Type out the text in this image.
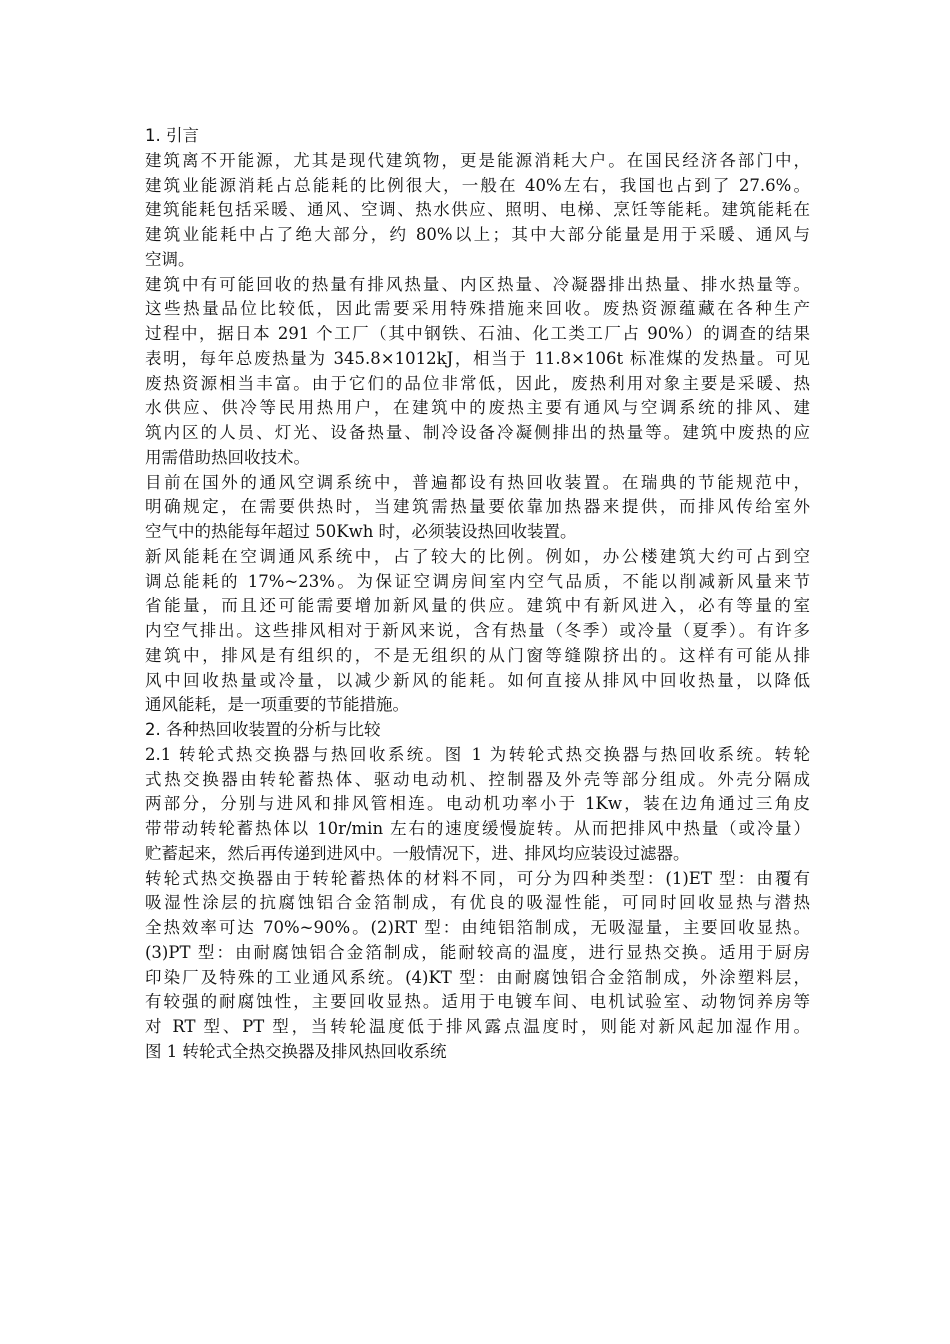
1. 引言
建筑离不开能源，尤其是现代建筑物，更是能源消耗大户。在国民经济各部门中，
建筑业能源消耗占总能耗的比例很大，一般在 40%左右，我国也占到了 27.6%。
建筑能耗包括采暖、通风、空调、热水供应、照明、电梯、烹饪等能耗。建筑能耗在
建筑业能耗中占了绝大部分，约 80%以上；其中大部分能量是用于采暖、通风与
空调。
建筑中有可能回收的热量有排风热量、内区热量、冷凝器排出热量、排水热量等。
这些热量品位比较低，因此需要采用特殊措施来回收。废热资源蕴藏在各种生产
过程中，据日本 291 个工厂（其中钢铁、石油、化工类工厂占 90%）的调查的结果
表明，每年总废热量为 345.8×1012kJ，相当于 11.8×106t 标准煤的发热量。可见
废热资源相当丰富。由于它们的品位非常低，因此，废热利用对象主要是采暖、热
水供应、供冷等民用热用户，在建筑中的废热主要有通风与空调系统的排风、建
筑内区的人员、灯光、设备热量、制冷设备冷凝侧排出的热量等。建筑中废热的应
用需借助热回收技术。
目前在国外的通风空调系统中，普遍都设有热回收装置。在瑞典的节能规范中，
明确规定，在需要供热时，当建筑需热量要依靠加热器来提供，而排风传给室外
空气中的热能每年超过 50Kwh 时，必须装设热回收装置。
新风能耗在空调通风系统中，占了较大的比例。例如，办公楼建筑大约可占到空
调总能耗的 17%~23%。为保证空调房间室内空气品质，不能以削减新风量来节
省能量，而且还可能需要增加新风量的供应。建筑中有新风进入，必有等量的室
内空气排出。这些排风相对于新风来说，含有热量（冬季）或冷量（夏季）。有许多
建筑中，排风是有组织的，不是无组织的从门窗等缝隙挤出的。这样有可能从排
风中回收热量或冷量，以减少新风的能耗。如何直接从排风中回收热量，以降低
通风能耗，是一项重要的节能措施。
2. 各种热回收装置的分析与比较
2.1 转轮式热交换器与热回收系统。图 1 为转轮式热交换器与热回收系统。转轮
式热交换器由转轮蓄热体、驱动电动机、控制器及外壳等部分组成。外壳分隔成
两部分，分别与进风和排风管相连。电动机功率小于 1Kw，装在边角通过三角皮
带带动转轮蓄热体以 10r/min 左右的速度缓慢旋转。从而把排风中热量（或冷量）
贮蓄起来，然后再传递到进风中。一般情况下，进、排风均应装设过滤器。
转轮式热交换器由于转轮蓄热体的材料不同，可分为四种类型：(1)ET 型：由覆有
吸湿性涂层的抗腐蚀铝合金箔制成，有优良的吸湿性能，可同时回收显热与潜热
全热效率可达 70%~90%。(2)RT 型：由纯铝箔制成，无吸湿量，主要回收显热。
(3)PT 型：由耐腐蚀铝合金箔制成，能耐较高的温度，进行显热交换。适用于厨房
印染厂及特殊的工业通风系统。(4)KT 型：由耐腐蚀铝合金箔制成，外涂塑料层，
有较强的耐腐蚀性，主要回收显热。适用于电镀车间、电机试验室、动物饲养房等
对 RT 型、PT 型，当转轮温度低于排风露点温度时，则能对新风起加湿作用。
图 1 转轮式全热交换器及排风热回收系统
